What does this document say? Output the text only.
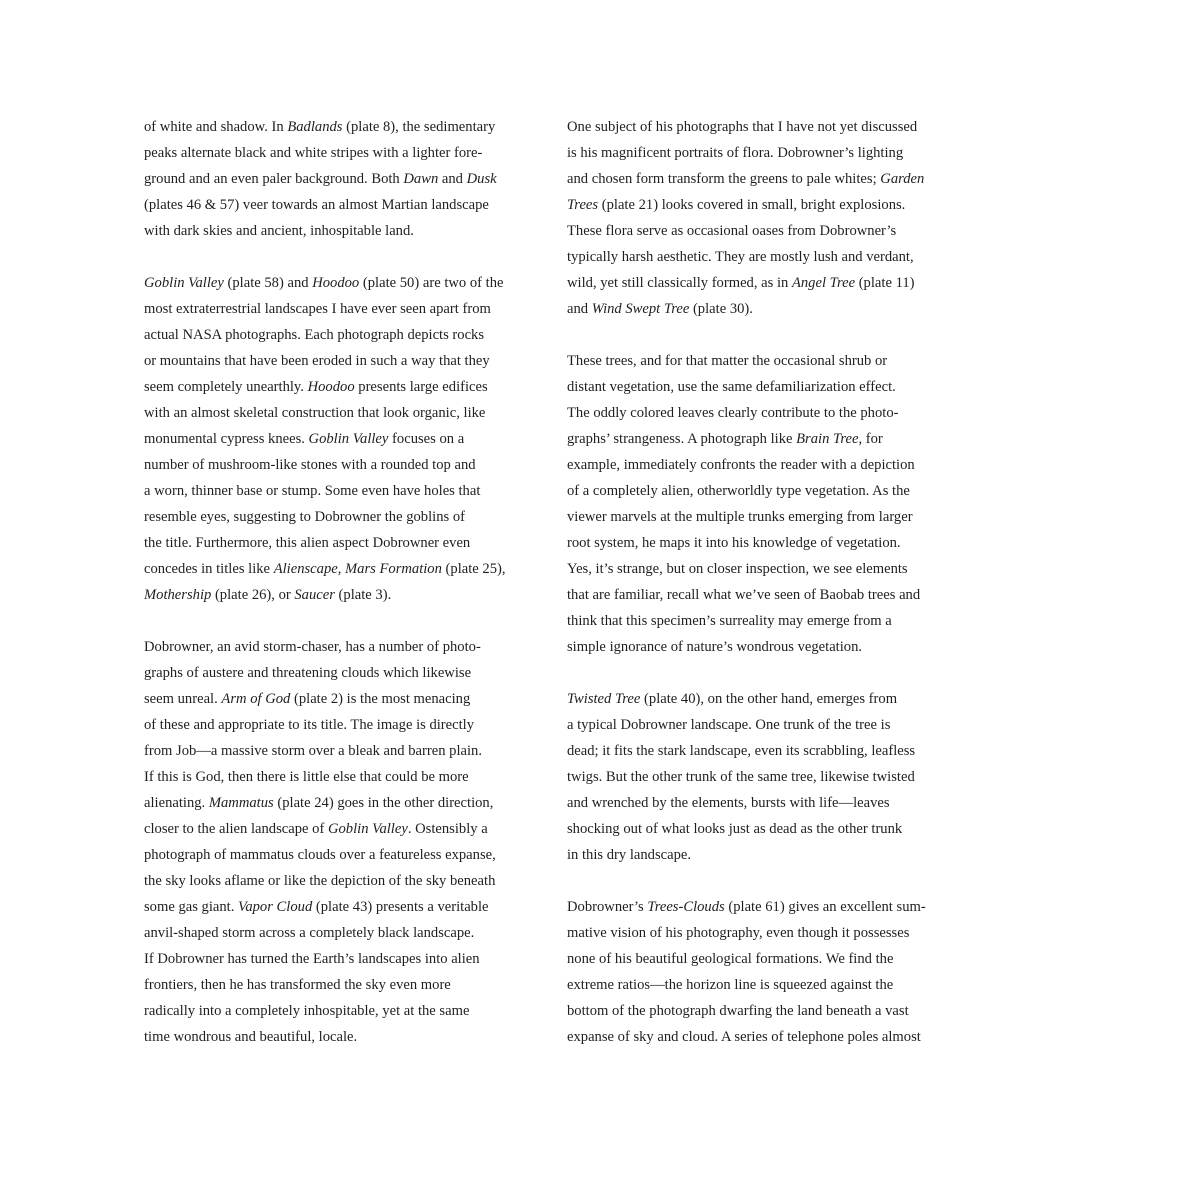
of white and shadow. In Badlands (plate 8), the sedimentary
peaks alternate black and white stripes with a lighter fore-
ground and an even paler background. Both Dawn and Dusk
(plates 46 & 57) veer towards an almost Martian landscape
with dark skies and ancient, inhospitable land.

Goblin Valley (plate 58) and Hoodoo (plate 50) are two of the
most extraterrestrial landscapes I have ever seen apart from
actual NASA photographs. Each photograph depicts rocks
or mountains that have been eroded in such a way that they
seem completely unearthly. Hoodoo presents large edifices
with an almost skeletal construction that look organic, like
monumental cypress knees. Goblin Valley focuses on a
number of mushroom-like stones with a rounded top and
a worn, thinner base or stump. Some even have holes that
resemble eyes, suggesting to Dobrowner the goblins of
the title. Furthermore, this alien aspect Dobrowner even
concedes in titles like Alienscape, Mars Formation (plate 25),
Mothership (plate 26), or Saucer (plate 3).

Dobrowner, an avid storm-chaser, has a number of photo-
graphs of austere and threatening clouds which likewise
seem unreal. Arm of God (plate 2) is the most menacing
of these and appropriate to its title. The image is directly
from Job—a massive storm over a bleak and barren plain.
If this is God, then there is little else that could be more
alienating. Mammatus (plate 24) goes in the other direction,
closer to the alien landscape of Goblin Valley. Ostensibly a
photograph of mammatus clouds over a featureless expanse,
the sky looks aflame or like the depiction of the sky beneath
some gas giant. Vapor Cloud (plate 43) presents a veritable
anvil-shaped storm across a completely black landscape.
If Dobrowner has turned the Earth’s landscapes into alien
frontiers, then he has transformed the sky even more
radically into a completely inhospitable, yet at the same
time wondrous and beautiful, locale.

One subject of his photographs that I have not yet discussed
is his magnificent portraits of flora. Dobrowner’s lighting
and chosen form transform the greens to pale whites; Garden
Trees (plate 21) looks covered in small, bright explosions.
These flora serve as occasional oases from Dobrowner’s
typically harsh aesthetic. They are mostly lush and verdant,
wild, yet still classically formed, as in Angel Tree (plate 11)
and Wind Swept Tree (plate 30).

These trees, and for that matter the occasional shrub or
distant vegetation, use the same defamiliarization effect.
The oddly colored leaves clearly contribute to the photo-
graphs’ strangeness. A photograph like Brain Tree, for
example, immediately confronts the reader with a depiction
of a completely alien, otherworldly type vegetation. As the
viewer marvels at the multiple trunks emerging from larger
root system, he maps it into his knowledge of vegetation.
Yes, it’s strange, but on closer inspection, we see elements
that are familiar, recall what we’ve seen of Baobab trees and
think that this specimen’s surreality may emerge from a
simple ignorance of nature’s wondrous vegetation.

Twisted Tree (plate 40), on the other hand, emerges from
a typical Dobrowner landscape. One trunk of the tree is
dead; it fits the stark landscape, even its scrabbling, leafless
twigs. But the other trunk of the same tree, likewise twisted
and wrenched by the elements, bursts with life—leaves
shocking out of what looks just as dead as the other trunk
in this dry landscape.

Dobrowner’s Trees-Clouds (plate 61) gives an excellent sum-
mative vision of his photography, even though it possesses
none of his beautiful geological formations. We find the
extreme ratios—the horizon line is squeezed against the
bottom of the photograph dwarfing the land beneath a vast
expanse of sky and cloud. A series of telephone poles almost
